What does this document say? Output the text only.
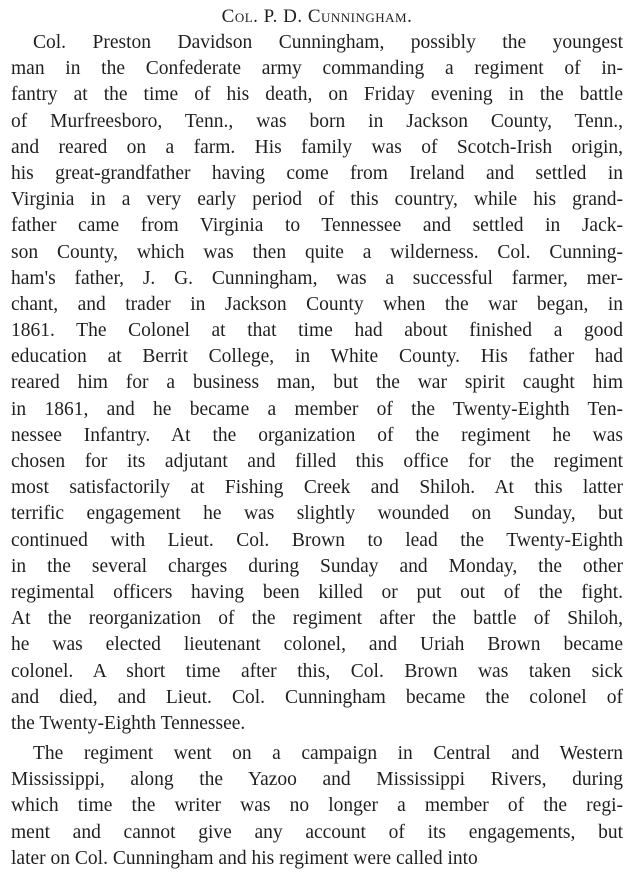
Col. P. D. Cunningham.
Col. Preston Davidson Cunningham, possibly the youngest
man in the Confederate army commanding a regiment of in-
fantry at the time of his death, on Friday evening in the battle
of Murfreesboro, Tenn., was born in Jackson County, Tenn.,
and reared on a farm. His family was of Scotch-Irish origin,
his great-grandfather having come from Ireland and settled in
Virginia in a very early period of this country, while his grand-
father came from Virginia to Tennessee and settled in Jack-
son County, which was then quite a wilderness. Col. Cunning-
ham's father, J. G. Cunningham, was a successful farmer, mer-
chant, and trader in Jackson County when the war began, in
1861. The Colonel at that time had about finished a good
education at Berrit College, in White County. His father had
reared him for a business man, but the war spirit caught him
in 1861, and he became a member of the Twenty-Eighth Ten-
nessee Infantry. At the organization of the regiment he was
chosen for its adjutant and filled this office for the regiment
most satisfactorily at Fishing Creek and Shiloh. At this latter
terrific engagement he was slightly wounded on Sunday, but
continued with Lieut. Col. Brown to lead the Twenty-Eighth
in the several charges during Sunday and Monday, the other
regimental officers having been killed or put out of the fight.
At the reorganization of the regiment after the battle of Shiloh,
he was elected lieutenant colonel, and Uriah Brown became
colonel. A short time after this, Col. Brown was taken sick
and died, and Lieut. Col. Cunningham became the colonel of
the Twenty-Eighth Tennessee.
The regiment went on a campaign in Central and Western
Mississippi, along the Yazoo and Mississippi Rivers, during
which time the writer was no longer a member of the regi-
ment and cannot give any account of its engagements, but
later on Col. Cunningham and his regiment were called into
